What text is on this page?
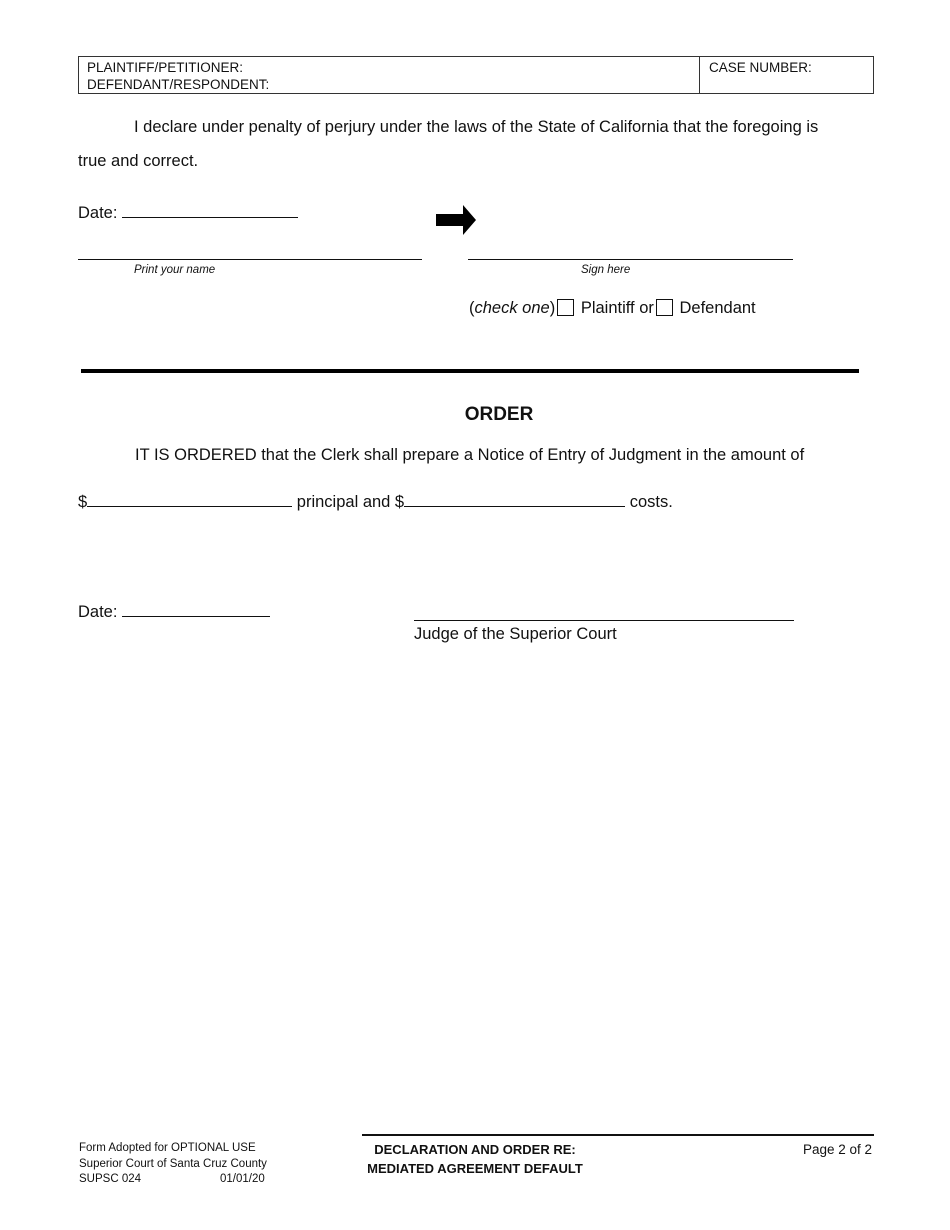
PLAINTIFF/PETITIONER:
DEFENDANT/RESPONDENT:
CASE NUMBER:
I declare under penalty of perjury under the laws of the State of California that the foregoing is
true and correct.
Date:
Print your name	Sign here
(check one) Plaintiff or Defendant
ORDER
IT IS ORDERED that the Clerk shall prepare a Notice of Entry of Judgment in the amount of
$	principal and $	costs.
Date:
Judge of the Superior Court
Form Adopted for OPTIONAL USE
Superior Court of Santa Cruz County
SUPSC 024	01/01/20
DECLARATION AND ORDER RE:
MEDIATED AGREEMENT DEFAULT
Page 2 of 2
